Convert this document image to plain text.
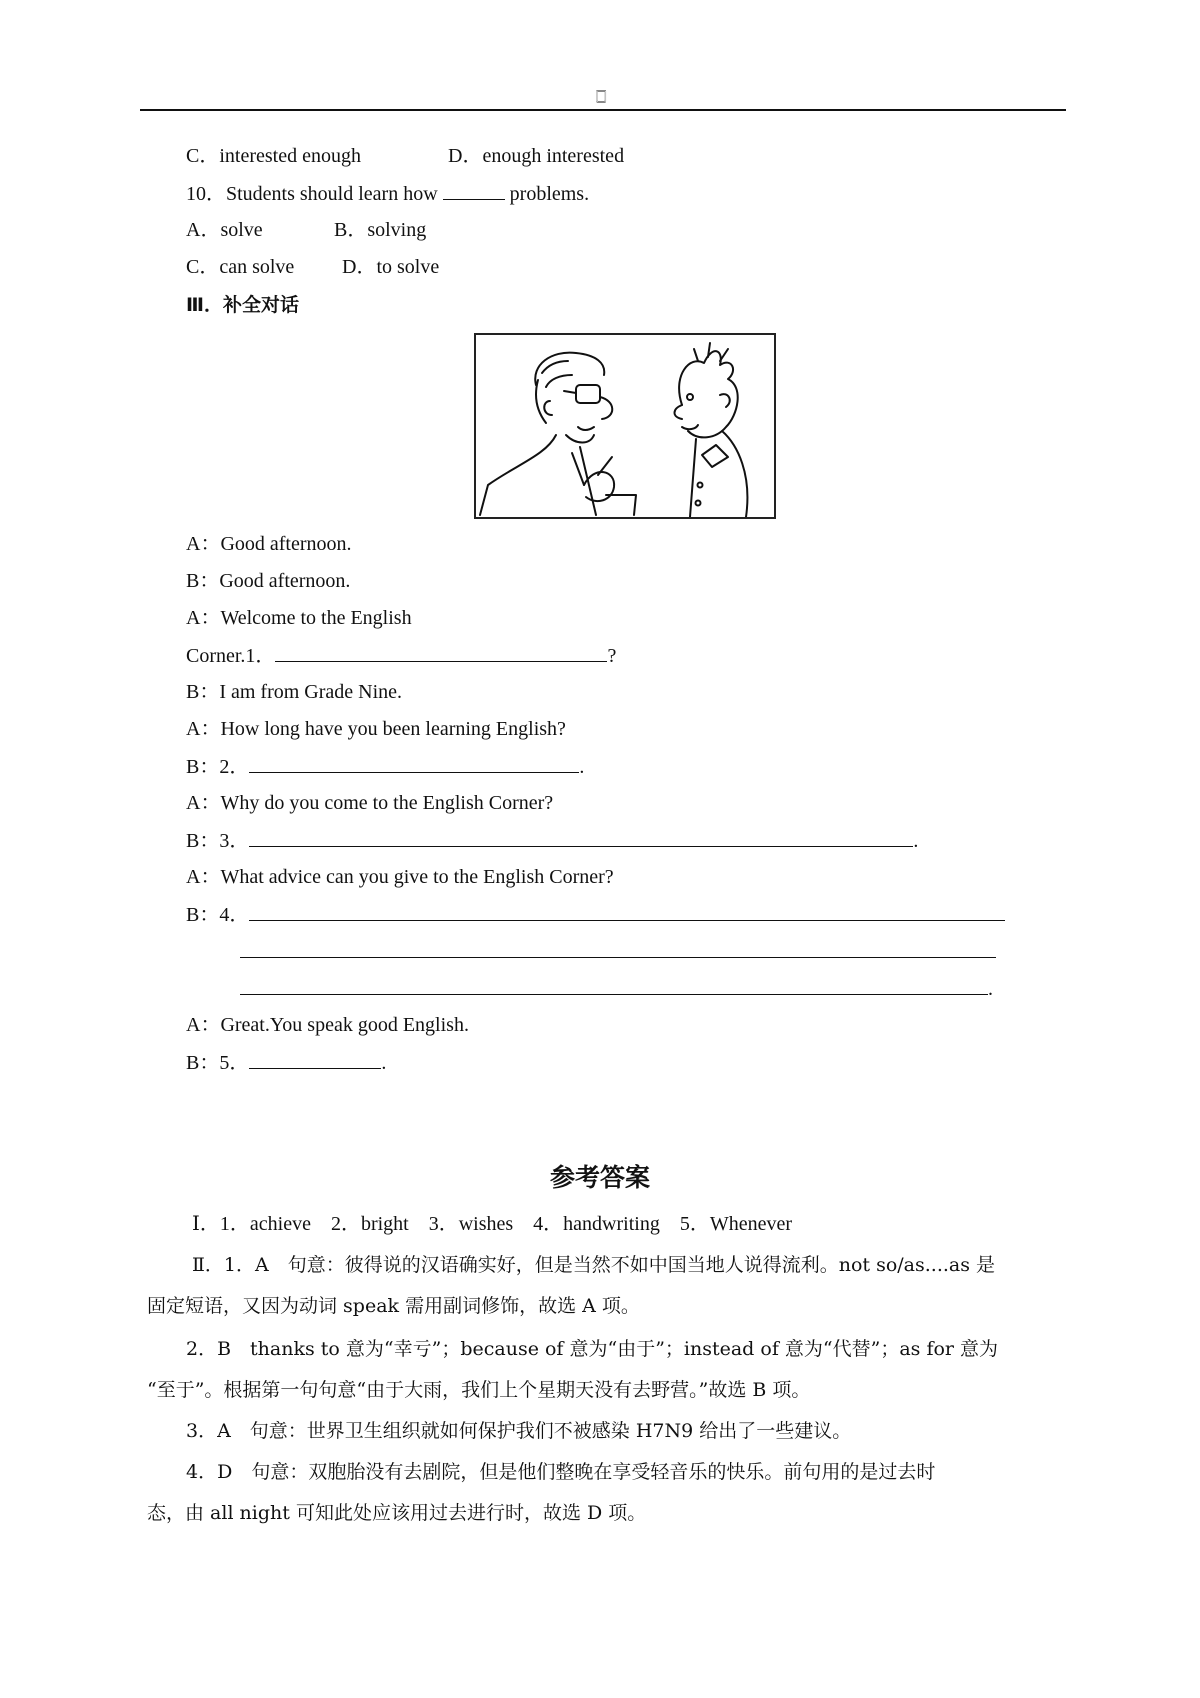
🀆
C．interested enough	D．enough interested
10．Students should learn how	problems.
A．solve	B．solving
C．can solve D．to solve
Ⅲ．补全对话
A：Good afternoon.
B：Good afternoon.
A：Welcome to the English
Corner.1．	?
B：I am from Grade Nine.
A：How long have you been learning English?
B：2．	.
A：Why do you come to the English Corner?
B：3．	.
A：What advice can you give to the English Corner?
B：4．
.
A：Great.You speak good English.
B：5．	.
参考答案
Ⅰ．1．achieve　2．bright　3．wishes　4．handwriting　5．Whenever
Ⅱ．1．A　句意：彼得说的汉语确实好，但是当然不如中国当地人说得流利。not so/as....as 是
固定短语，又因为动词 speak 需用副词修饰，故选 A 项。
2．B　thanks to 意为“幸亏”；because of 意为“由于”；instead of 意为“代替”；as for 意为
“至于”。根据第一句句意“由于大雨，我们上个星期天没有去野营。”故选 B 项。
3．A　句意：世界卫生组织就如何保护我们不被感染 H7N9 给出了一些建议。
4．D　句意：双胞胎没有去剧院，但是他们整晚在享受轻音乐的快乐。前句用的是过去时
态，由 all night 可知此处应该用过去进行时，故选 D 项。
